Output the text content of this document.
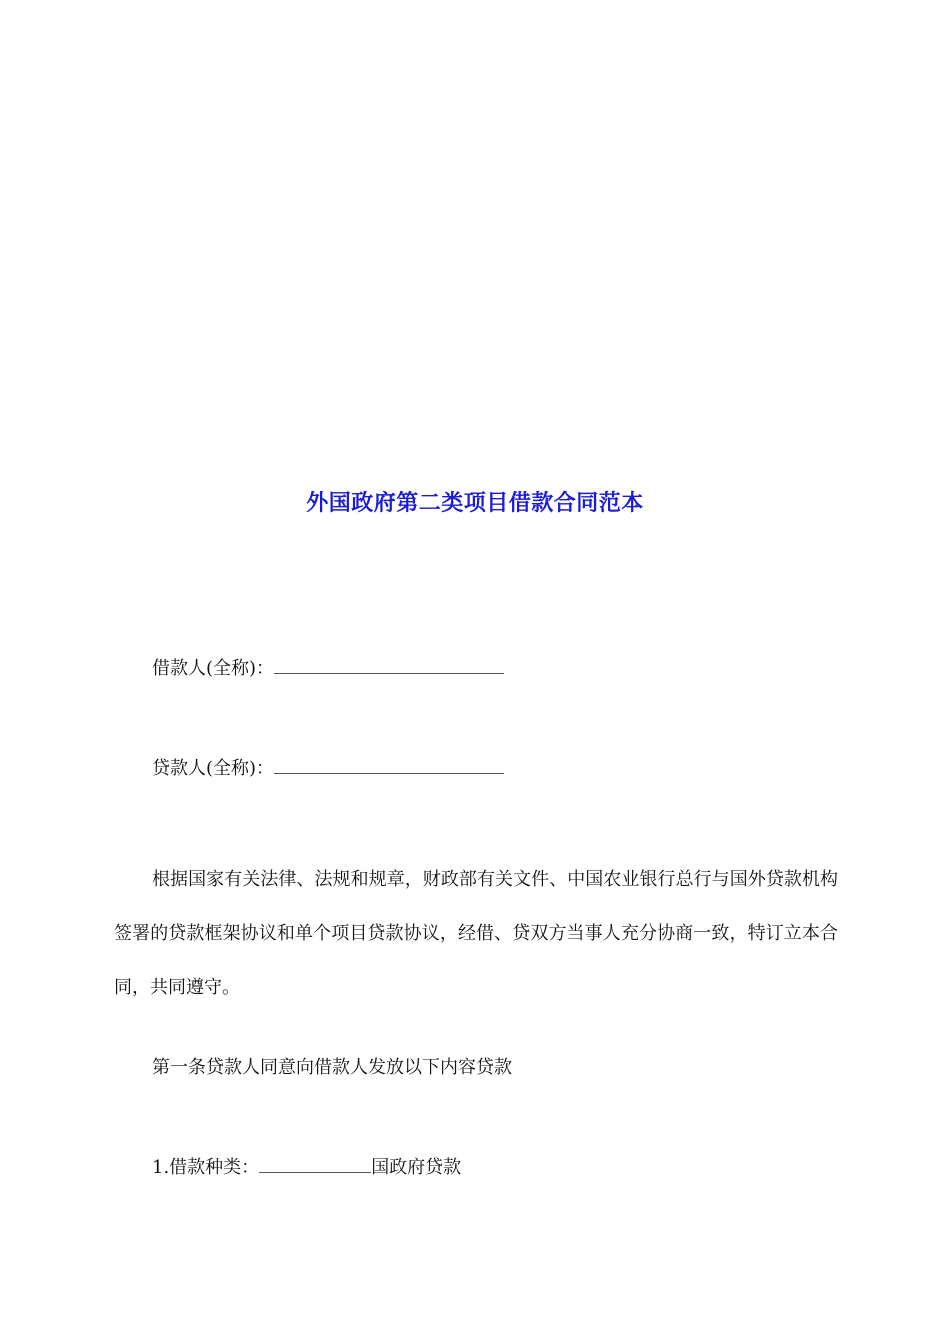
外国政府第二类项目借款合同范本
借款人(全称)：
贷款人(全称)：
根据国家有关法律、法规和规章，财政部有关文件、中国农业银行总行与国外贷款机构签署的贷款框架协议和单个项目贷款协议，经借、贷双方当事人充分协商一致，特订立本合同，共同遵守。
第一条贷款人同意向借款人发放以下内容贷款
1.借款种类：	国政府贷款
